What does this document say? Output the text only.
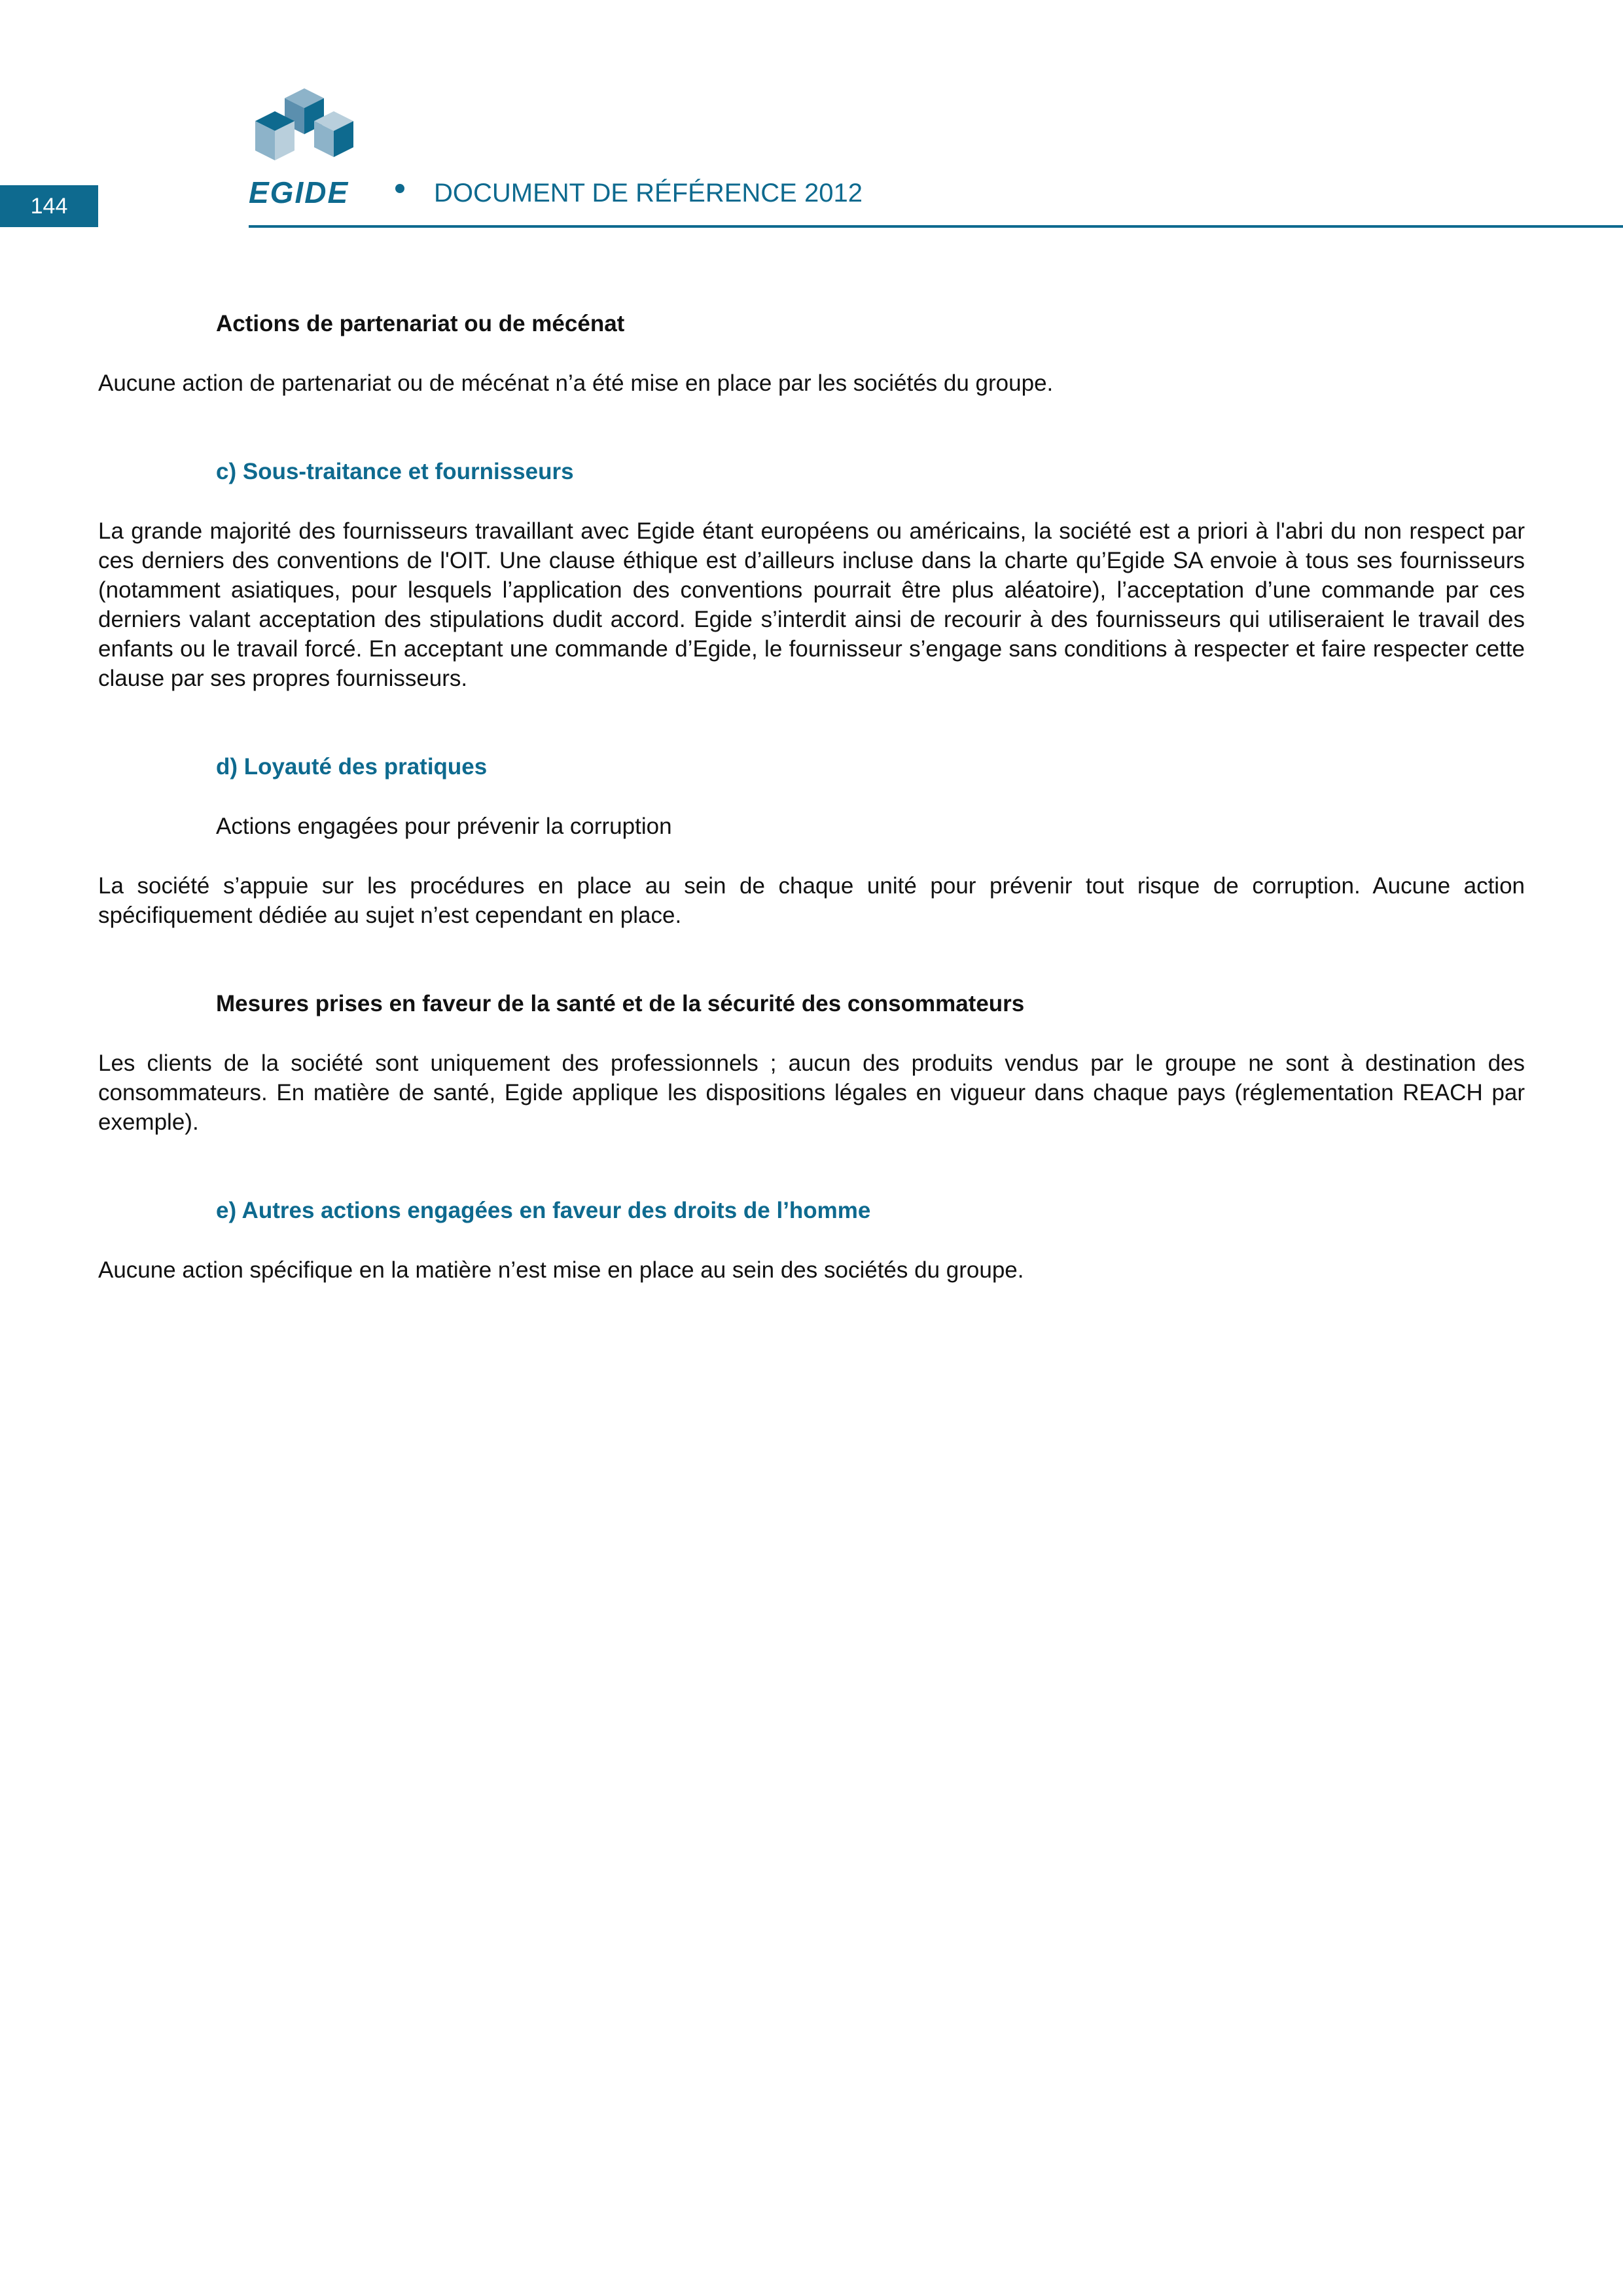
144	EGIDE	DOCUMENT DE RÉFÉRENCE 2012

Actions de partenariat ou de mécénat

Aucune action de partenariat ou de mécénat n’a été mise en place par les sociétés du groupe.

c) Sous-traitance et fournisseurs

La grande majorité des fournisseurs travaillant avec Egide étant européens ou américains, la société est a priori à l'abri du non respect par ces derniers des conventions de l'OIT. Une clause éthique est d’ailleurs incluse dans la charte qu’Egide SA envoie à tous ses fournisseurs (notamment asiatiques, pour lesquels l’application des conventions pourrait être plus aléatoire), l’acceptation d’une commande par ces derniers valant acceptation des stipulations dudit accord. Egide s’interdit ainsi de recourir à des fournisseurs qui utiliseraient le travail des enfants ou le travail forcé. En acceptant une commande d’Egide, le fournisseur s’engage sans conditions à respecter et faire respecter cette clause par ses propres fournisseurs.

d) Loyauté des pratiques

Actions engagées pour prévenir la corruption

La société s’appuie sur les procédures en place au sein de chaque unité pour prévenir tout risque de corruption. Aucune action spécifiquement dédiée au sujet n’est cependant en place.

Mesures prises en faveur de la santé et de la sécurité des consommateurs

Les clients de la société sont uniquement des professionnels ; aucun des produits vendus par le groupe ne sont à destination des consommateurs. En matière de santé, Egide applique les dispositions légales en vigueur dans chaque pays (réglementation REACH par exemple).

e) Autres actions engagées en faveur des droits de l’homme

Aucune action spécifique en la matière n’est mise en place au sein des sociétés du groupe.
